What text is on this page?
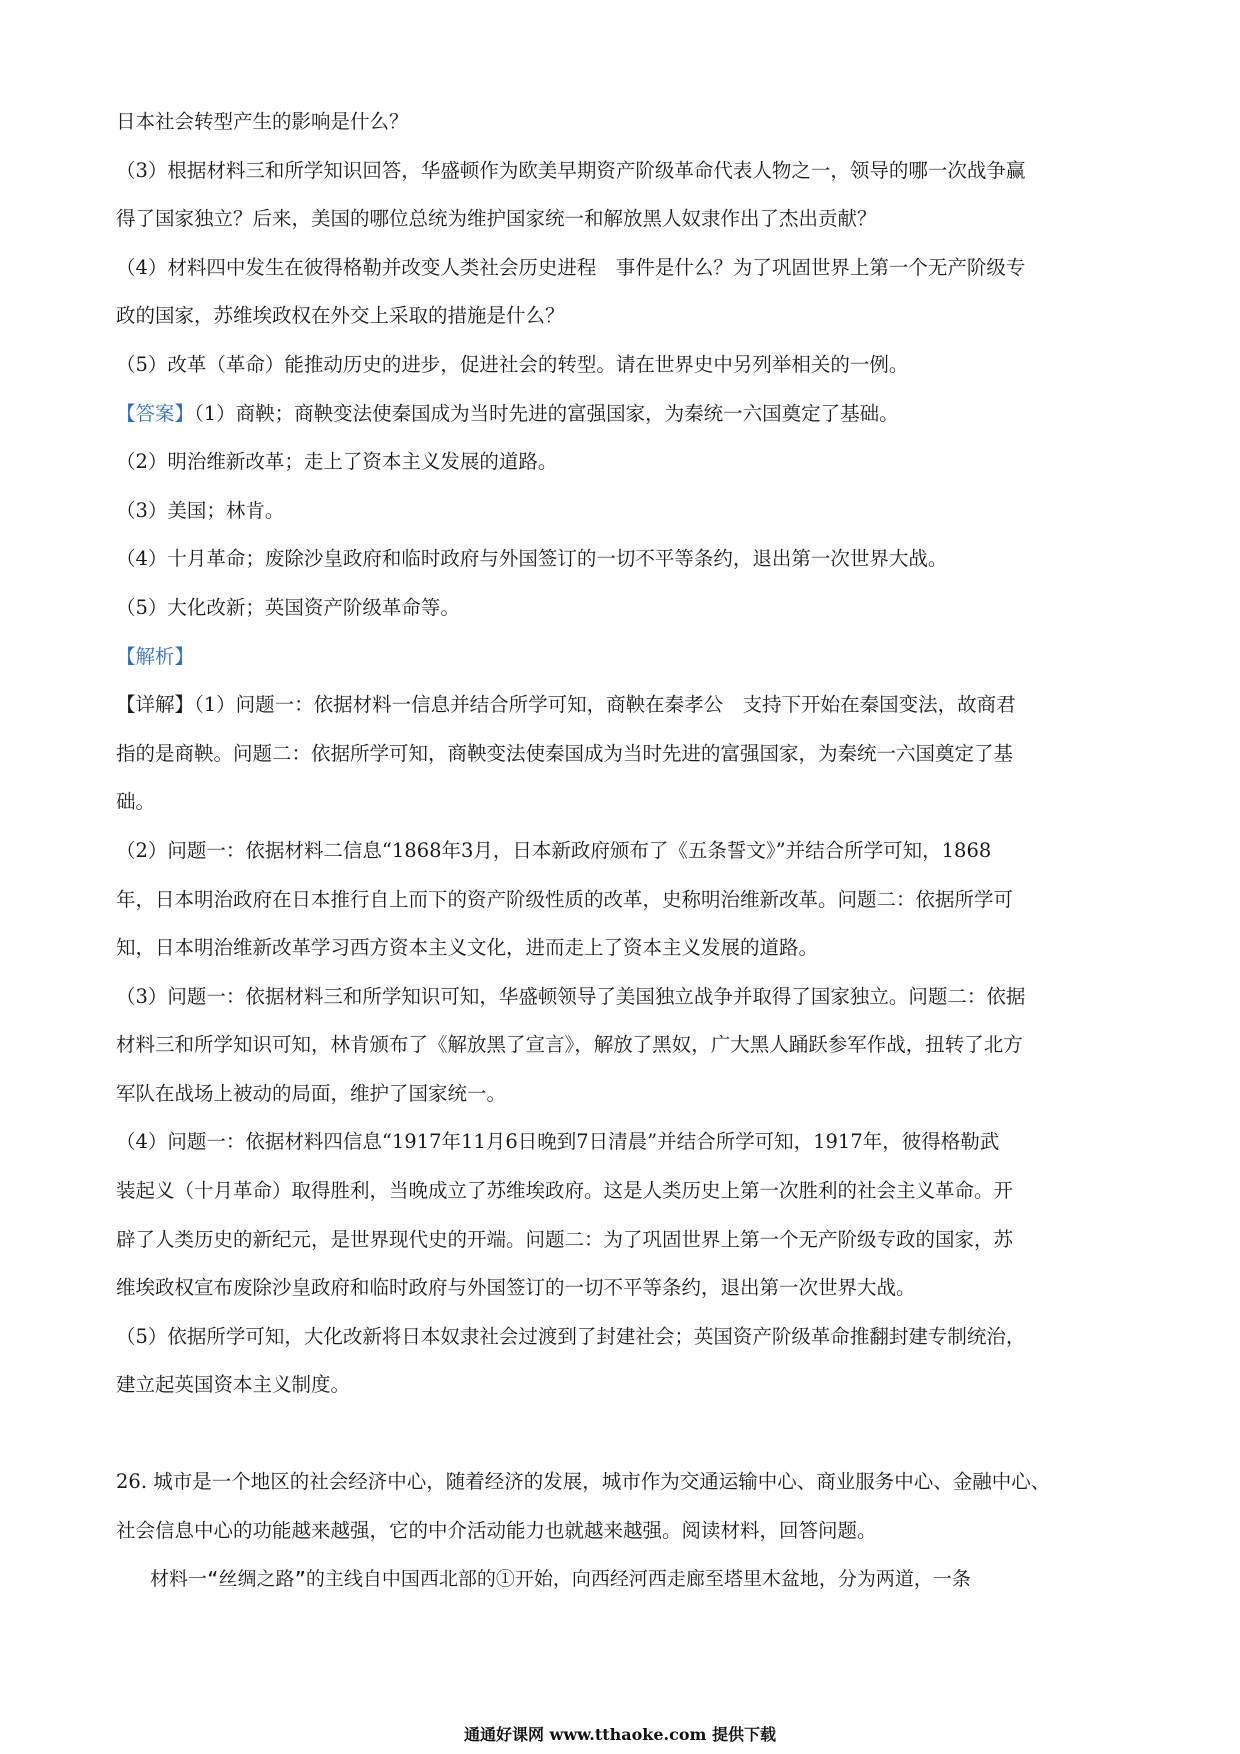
日本社会转型产生的影响是什么？
（3）根据材料三和所学知识回答，华盛顿作为欧美早期资产阶级革命代表人物之一，领导的哪一次战争赢
得了国家独立？后来，美国的哪位总统为维护国家统一和解放黑人奴隶作出了杰出贡献？
（4）材料四中发生在彼得格勒并改变人类社会历史进程　事件是什么？为了巩固世界上第一个无产阶级专
政的国家，苏维埃政权在外交上采取的措施是什么？
（5）改革（革命）能推动历史的进步，促进社会的转型。请在世界史中另列举相关的一例。
【答案】（1）商鞅；商鞅变法使秦国成为当时先进的富强国家，为秦统一六国奠定了基础。
（2）明治维新改革；走上了资本主义发展的道路。
（3）美国；林肯。
（4）十月革命；废除沙皇政府和临时政府与外国签订的一切不平等条约，退出第一次世界大战。
（5）大化改新；英国资产阶级革命等。
【解析】
【详解】（1）问题一：依据材料一信息并结合所学可知，商鞅在秦孝公　支持下开始在秦国变法，故商君
指的是商鞅。问题二：依据所学可知，商鞅变法使秦国成为当时先进的富强国家，为秦统一六国奠定了基
础。
（2）问题一：依据材料二信息“1868年3月，日本新政府颁布了《五条誓文》”并结合所学可知，1868
年，日本明治政府在日本推行自上而下的资产阶级性质的改革，史称明治维新改革。问题二：依据所学可
知，日本明治维新改革学习西方资本主义文化，进而走上了资本主义发展的道路。
（3）问题一：依据材料三和所学知识可知，华盛顿领导了美国独立战争并取得了国家独立。问题二：依据
材料三和所学知识可知，林肯颁布了《解放黑了宣言》，解放了黑奴，广大黑人踊跃参军作战，扭转了北方
军队在战场上被动的局面，维护了国家统一。
（4）问题一：依据材料四信息“1917年11月6日晚到7日清晨”并结合所学可知，1917年，彼得格勒武
装起义（十月革命）取得胜利，当晚成立了苏维埃政府。这是人类历史上第一次胜利的社会主义革命。开
辟了人类历史的新纪元，是世界现代史的开端。问题二：为了巩固世界上第一个无产阶级专政的国家，苏
维埃政权宣布废除沙皇政府和临时政府与外国签订的一切不平等条约，退出第一次世界大战。
（5）依据所学可知，大化改新将日本奴隶社会过渡到了封建社会；英国资产阶级革命推翻封建专制统治，
建立起英国资本主义制度。
26. 城市是一个地区的社会经济中心，随着经济的发展，城市作为交通运输中心、商业服务中心、金融中心、
社会信息中心的功能越来越强，它的中介活动能力也就越来越强。阅读材料，回答问题。
材料一“丝绸之路”的主线自中国西北部的①开始，向西经河西走廊至塔里木盆地，分为两道，一条
通通好课网 www.tthaoke.com 提供下载
